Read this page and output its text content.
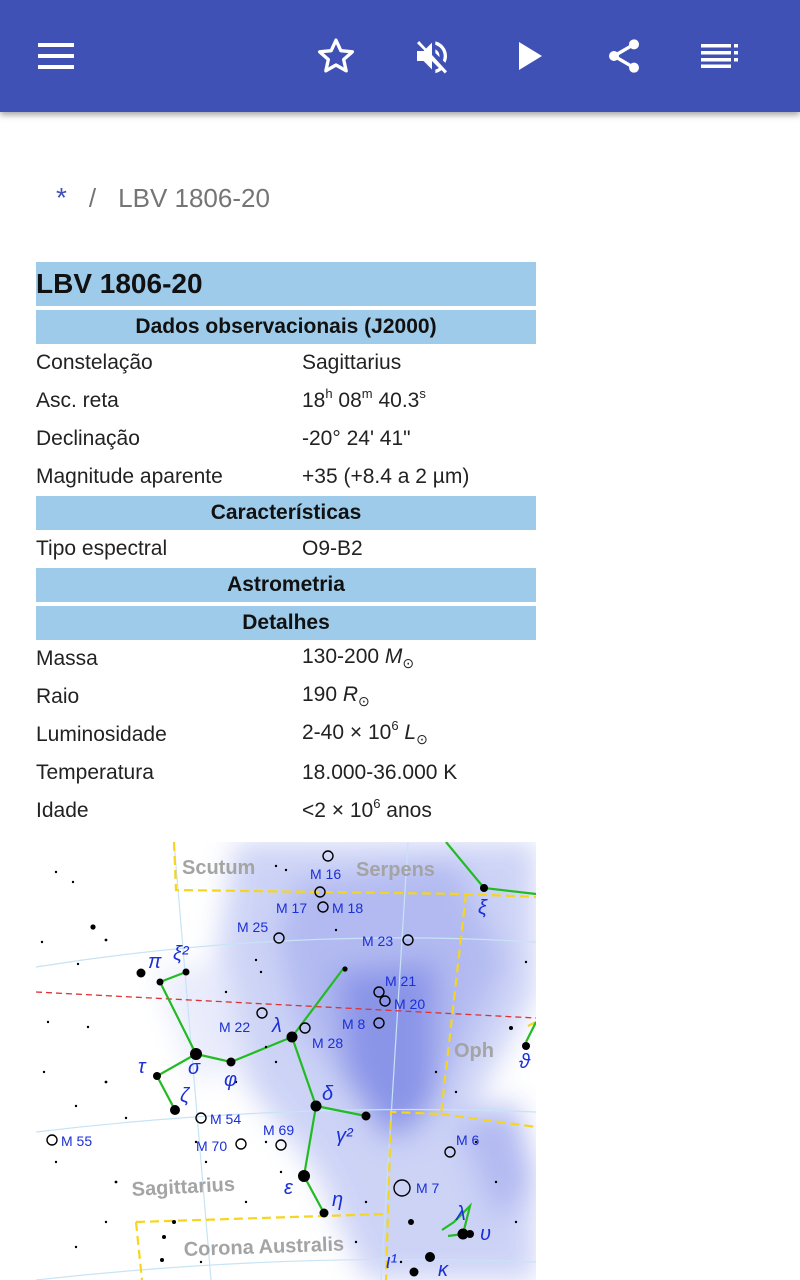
* / LBV 1806-20
LBV 1806-20
Dados observacionais (J2000)
Constelação	Sagittarius
Asc. reta	18$^h$ 08$^m$ 40.3$^s$
Declinação	-20° 24' 41"
Magnitude aparente	+35 (+8.4 a 2 µm)
Características
Tipo espectral	O9-B2
Astrometria
Detalhes
Massa	130-200 $M_⊙$
Raio	190 $R_⊙$
Luminosidade	$2-40 \times 10^6$ $L_⊙$
Temperatura	18.000-36.000 K
Idade	$<2 \times 10^6$ anos
M 16
M 17 M 18
M 25
M 23
M 21
M 20
M 8
M 22
M 28
M 54
M 55	M 70
M 69
M 6
M 7
ξ
π ξ²
λ
σ
φ
τ
ζ	δ
γ²
ϑ
ε
η
λ
υ
ι¹ κ
Scutum	Serpens
Oph
Sagittarius
Corona Australis
